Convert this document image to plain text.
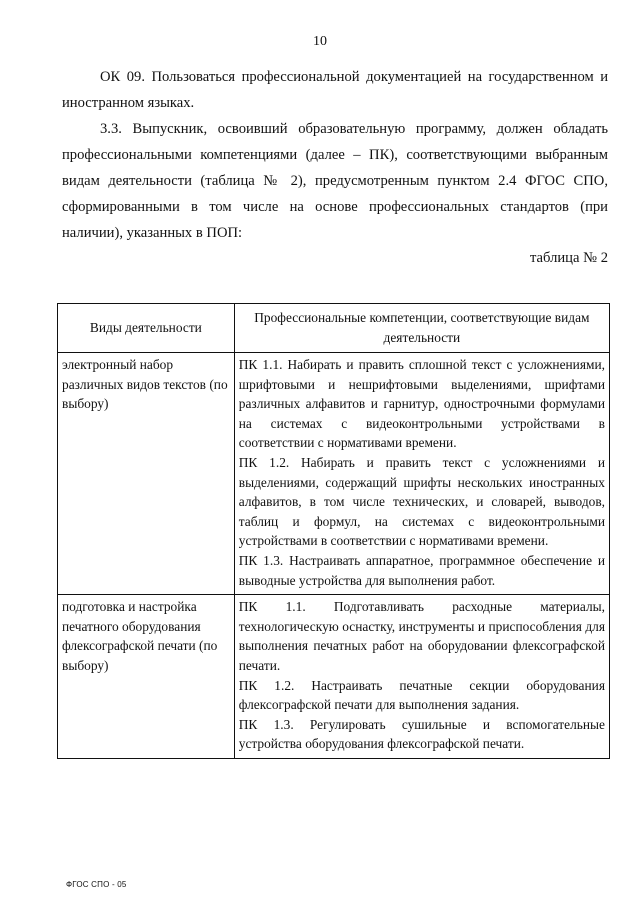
10
ОК 09. Пользоваться профессиональной документацией на государственном и иностранном языках.
3.3. Выпускник, освоивший образовательную программу, должен обладать профессиональными компетенциями (далее – ПК), соответствующими выбранным видам деятельности (таблица № 2), предусмотренным пунктом 2.4 ФГОС СПО, сформированными в том числе на основе профессиональных стандартов (при наличии), указанных в ПОП:
таблица № 2
Виды деятельности	Профессиональные компетенции, соответствующие видам деятельности
электронный набор различных видов текстов (по выбору)	ПК 1.1. Набирать и править сплошной текст с усложнениями, шрифтовыми и нешрифтовыми выделениями, шрифтами различных алфавитов и гарнитур, однострочными формулами на системах с видеоконтрольными устройствами в соответствии с нормативами времени.
ПК 1.2. Набирать и править текст с усложнениями и выделениями, содержащий шрифты нескольких иностранных алфавитов, в том числе технических, и словарей, выводов, таблиц и формул, на системах с видеоконтрольными устройствами в соответствии с нормативами времени.
ПК 1.3. Настраивать аппаратное, программное обеспечение и выводные устройства для выполнения работ.

подготовка и настройка печатного оборудования флексографской печати (по выбору)	ПК 1.1. Подготавливать расходные материалы, технологическую оснастку, инструменты и приспособления для выполнения печатных работ на оборудовании флексографской печати.
ПК 1.2. Настраивать печатные секции оборудования флексографской печати для выполнения задания.
ПК 1.3. Регулировать сушильные и вспомогательные устройства оборудования флексографской печати.
ФГОС СПО - 05
